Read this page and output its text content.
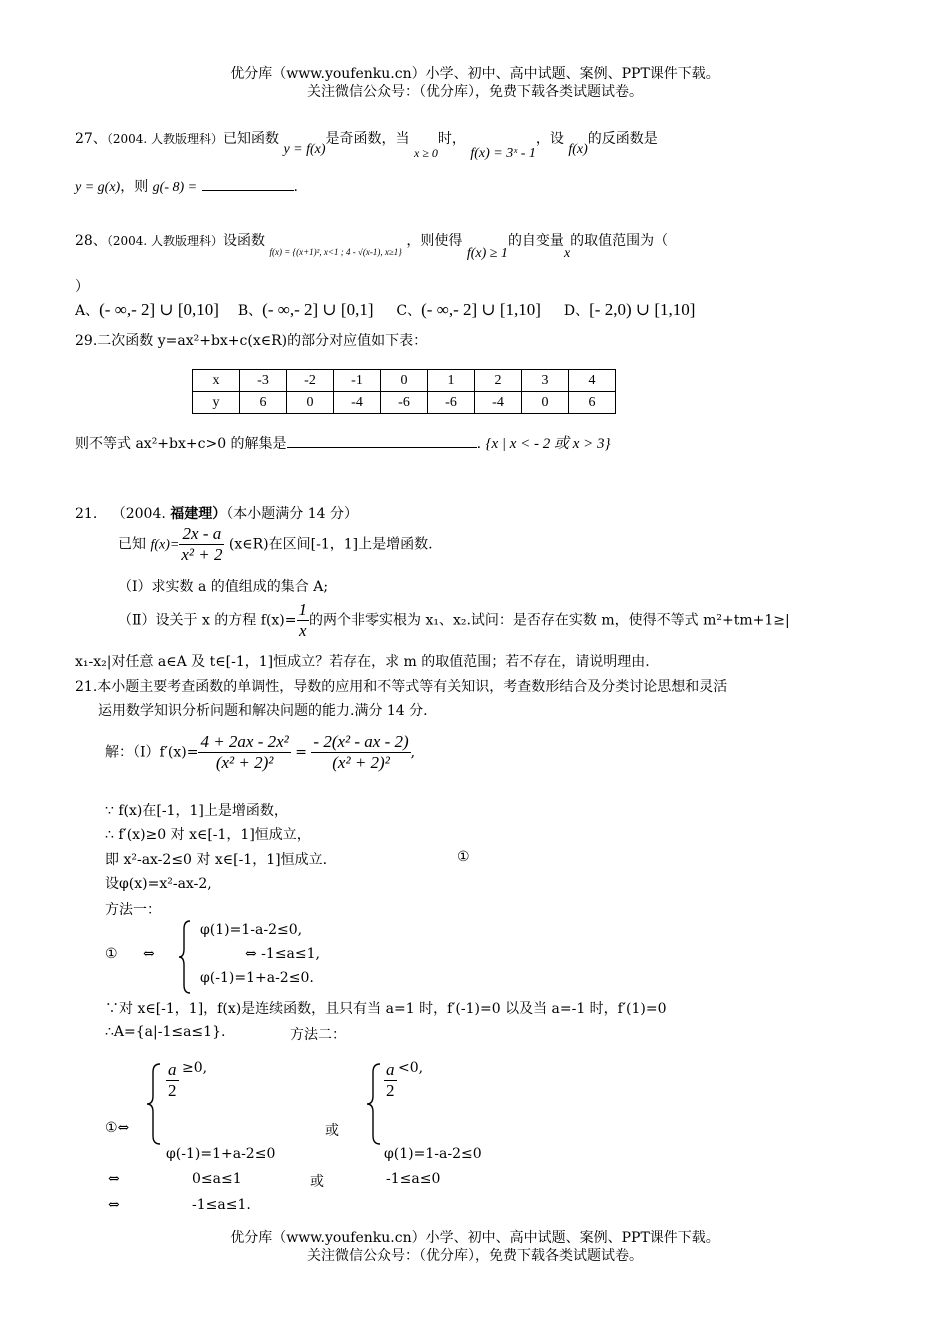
优分库（www.youfenku.cn）小学、初中、高中试题、案例、PPT课件下载。
关注微信公众号：（优分库），免费下载各类试题试卷。
27、（2004. 人教版理科）已知函数 y = f(x)是奇函数，当 x ≥ 0时， f(x) = 3ˣ - 1，设 f(x)的反函数是
y = g(x)，则 g(- 8) =	.
28、（2004. 人教版理科）设函数 $_{f(x) = \{(x+1)^2, x<1 ; 4 - √(x-1), x\ge 1\}}$ ，则使得 f(x) ≥ 1的自变量x的取值范围为（
）
A、(- ∞,- 2] ∪ [0,10] B、(- ∞,- 2] ∪ [0,1] C、(- ∞,- 2] ∪ [1,10] D、[- 2,0) ∪ [1,10]
29.二次函数 y=ax²+bx+c(x∈R)的部分对应值如下表：
x	-3	-2	-1	0	1	2	3	4
y	6	0	-4	-6	-6	-4	0	6
则不等式 ax²+bx+c>0 的解集是	. {x | x < - 2 或 x > 3}
21. （2004. 福建理）（本小题满分 14 分）
已知 $f(x)= \frac{2x - a}{\text{x² + 2}}$ (x∈R)在区间[-1，1]上是增函数.
（Ⅰ）求实数 a 的值组成的集合 A;
（Ⅱ）设关于 x 的方程 $f(x)= \frac{1}{x}$ 的两个非零实根为 x₁、x₂.试问：是否存在实数 m，使得不等式 m²+tm+1≥|
x₁-x₂|对任意 a∈A 及 t∈[-1，1]恒成立？若存在，求 m 的取值范围；若不存在，请说明理由.
21.本小题主要考查函数的单调性，导数的应用和不等式等有关知识，考查数形结合及分类讨论思想和灵活
运用数学知识分析问题和解决问题的能力.满分 14 分.
解：（Ⅰ）f′(x)= $\frac{\text{4 + 2ax - 2x²}}{\text{(x² + 2)²}} = \frac{\text{- 2(x² - ax - 2)}}{\text{(x² + 2)²}}$ ,
∵ f(x)在[-1，1]上是增函数，
∴ f′(x)≥0 对 x∈[-1，1]恒成立，
即 x²-ax-2≤0 对 x∈[-1，1]恒成立.	①
设φ(x)=x²-ax-2,
方法一：
① ⇔
φ(1)=1-a-2≤0,
⇔ -1≤a≤1,
φ(-1)=1+a-2≤0.
∵对 x∈[-1，1]，f(x)是连续函数，且只有当 a=1 时，f′(-1)=0 以及当 a=-1 时，f′(1)=0
∴A={a|-1≤a≤1}.	方法二：
①⇔
$\frac{a}{2} \ge 0$,
φ(-1)=1+a-2≤0
或
$\frac{a}{2} <0$,
φ(1)=1-a-2≤0
⇔	0≤a≤1	或	-1≤a≤0
⇔	-1≤a≤1.
优分库（www.youfenku.cn）小学、初中、高中试题、案例、PPT课件下载。
关注微信公众号：（优分库），免费下载各类试题试卷。
